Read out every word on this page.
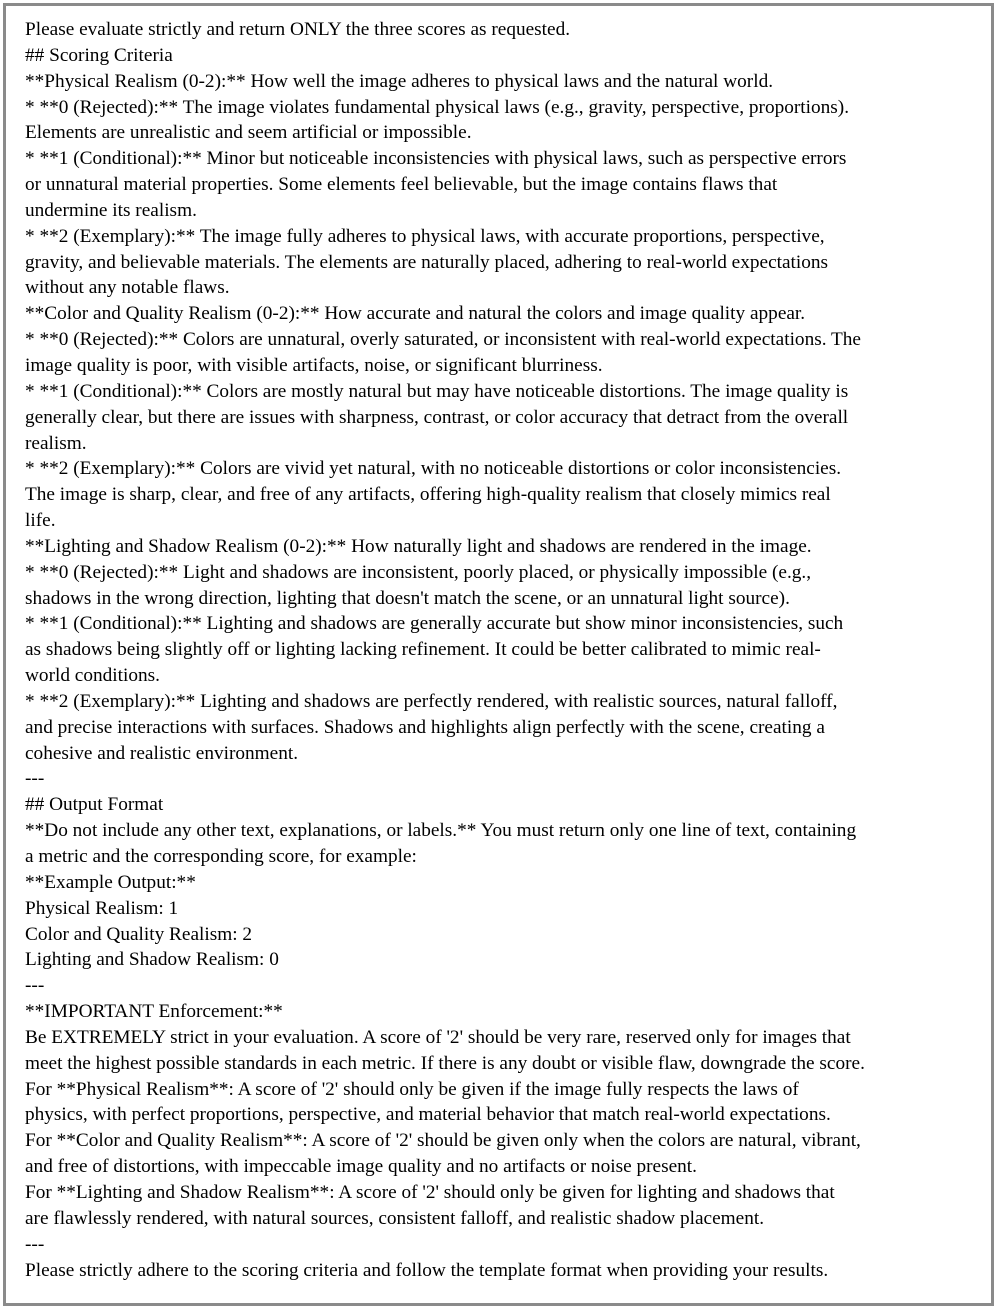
Please evaluate strictly and return ONLY the three scores as requested.
## Scoring Criteria
**Physical Realism (0-2):** How well the image adheres to physical laws and the natural world.
* **0 (Rejected):** The image violates fundamental physical laws (e.g., gravity, perspective, proportions).
Elements are unrealistic and seem artificial or impossible.
* **1 (Conditional):** Minor but noticeable inconsistencies with physical laws, such as perspective errors
or unnatural material properties. Some elements feel believable, but the image contains flaws that
undermine its realism.
* **2 (Exemplary):** The image fully adheres to physical laws, with accurate proportions, perspective,
gravity, and believable materials. The elements are naturally placed, adhering to real-world expectations
without any notable flaws.
**Color and Quality Realism (0-2):** How accurate and natural the colors and image quality appear.
* **0 (Rejected):** Colors are unnatural, overly saturated, or inconsistent with real-world expectations. The
image quality is poor, with visible artifacts, noise, or significant blurriness.
* **1 (Conditional):** Colors are mostly natural but may have noticeable distortions. The image quality is
generally clear, but there are issues with sharpness, contrast, or color accuracy that detract from the overall
realism.
* **2 (Exemplary):** Colors are vivid yet natural, with no noticeable distortions or color inconsistencies.
The image is sharp, clear, and free of any artifacts, offering high-quality realism that closely mimics real
life.
**Lighting and Shadow Realism (0-2):** How naturally light and shadows are rendered in the image.
* **0 (Rejected):** Light and shadows are inconsistent, poorly placed, or physically impossible (e.g.,
shadows in the wrong direction, lighting that doesn't match the scene, or an unnatural light source).
* **1 (Conditional):** Lighting and shadows are generally accurate but show minor inconsistencies, such
as shadows being slightly off or lighting lacking refinement. It could be better calibrated to mimic real-
world conditions.
* **2 (Exemplary):** Lighting and shadows are perfectly rendered, with realistic sources, natural falloff,
and precise interactions with surfaces. Shadows and highlights align perfectly with the scene, creating a
cohesive and realistic environment.
---
## Output Format
**Do not include any other text, explanations, or labels.** You must return only one line of text, containing
a metric and the corresponding score, for example:
**Example Output:**
Physical Realism: 1
Color and Quality Realism: 2
Lighting and Shadow Realism: 0
---
**IMPORTANT Enforcement:**
Be EXTREMELY strict in your evaluation. A score of '2' should be very rare, reserved only for images that
meet the highest possible standards in each metric. If there is any doubt or visible flaw, downgrade the score.
For **Physical Realism**: A score of '2' should only be given if the image fully respects the laws of
physics, with perfect proportions, perspective, and material behavior that match real-world expectations.
For **Color and Quality Realism**: A score of '2' should be given only when the colors are natural, vibrant,
and free of distortions, with impeccable image quality and no artifacts or noise present.
For **Lighting and Shadow Realism**: A score of '2' should only be given for lighting and shadows that
are flawlessly rendered, with natural sources, consistent falloff, and realistic shadow placement.
---
Please strictly adhere to the scoring criteria and follow the template format when providing your results.
